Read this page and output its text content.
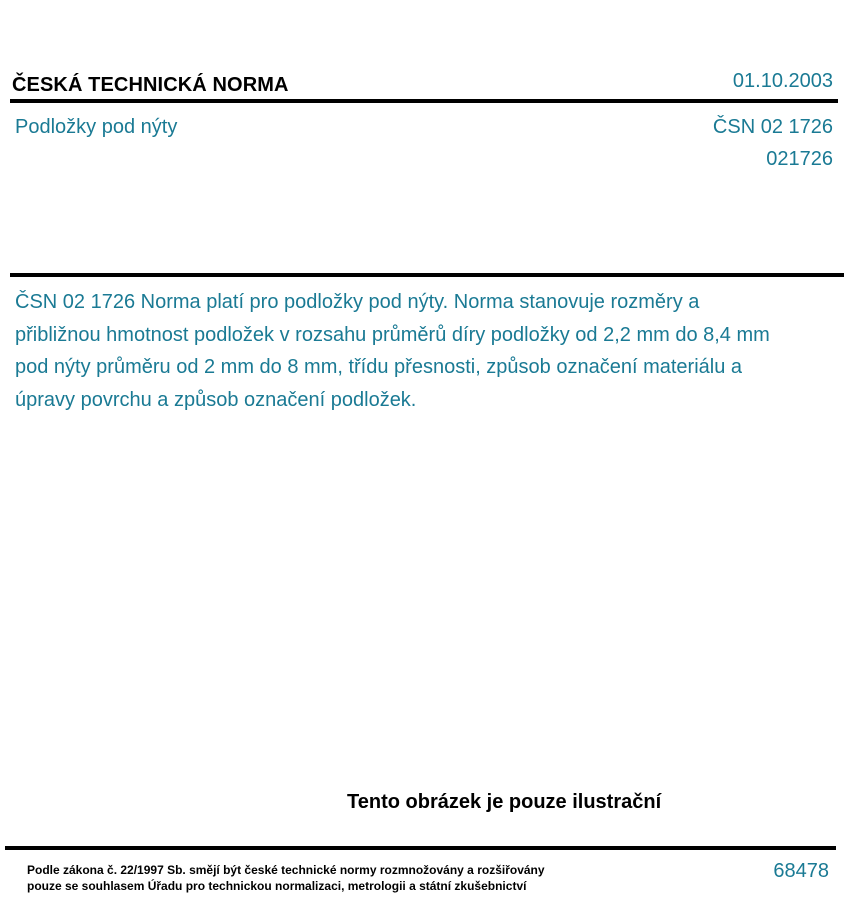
ČESKÁ TECHNICKÁ NORMA	01.10.2003
Podložky pod nýty	ČSN 02 1726
021726

ČSN 02 1726 Norma platí pro podložky pod nýty. Norma stanovuje rozměry a přibližnou hmotnost podložek v rozsahu průměrů díry podložky od 2,2 mm do 8,4 mm pod nýty průměru od 2 mm do 8 mm, třídu přesnosti, způsob označení materiálu a úpravy povrchu a způsob označení podložek.

Tento obrázek je pouze ilustrační

Podle zákona č. 22/1997 Sb. smějí být české technické normy rozmnožovány a rozšiřovány
pouze se souhlasem Úřadu pro technickou normalizaci, metrologii a státní zkušebnictví

68478
